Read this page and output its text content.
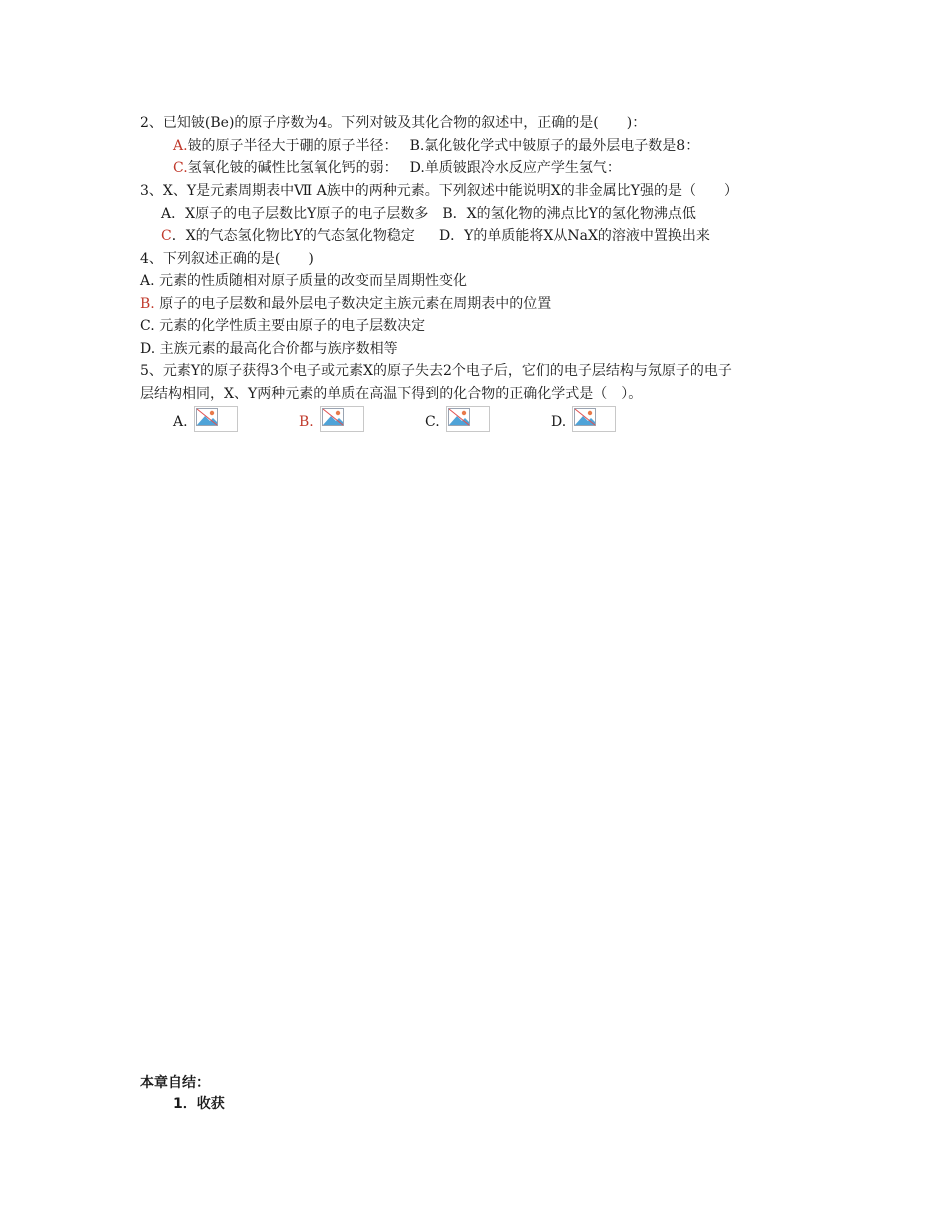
2、已知铍(Be)的原子序数为4。下列对铍及其化合物的叙述中，正确的是(　　)：
A.铍的原子半径大于硼的原子半径： B.氯化铍化学式中铍原子的最外层电子数是8：
C.氢氧化铍的碱性比氢氧化钙的弱： D.单质铍跟冷水反应产学生氢气：
3、X、Y是元素周期表中Ⅶ A族中的两种元素。下列叙述中能说明X的非金属比Y强的是（　　）
A．X原子的电子层数比Y原子的电子层数多 B．X的氢化物的沸点比Y的氢化物沸点低
C．X的气态氢化物比Y的气态氢化物稳定 D．Y的单质能将X从NaX的溶液中置换出来
4、下列叙述正确的是(　　)
A. 元素的性质随相对原子质量的改变而呈周期性变化
B. 原子的电子层数和最外层电子数决定主族元素在周期表中的位置
C. 元素的化学性质主要由原子的电子层数决定
D. 主族元素的最高化合价都与族序数相等
5、元素Y的原子获得3个电子或元素X的原子失去2个电子后，它们的电子层结构与氖原子的电子
层结构相同，X、Y两种元素的单质在高温下得到的化合物的正确化学式是（　）。
A.	B.	C.	D.
本章自结：
1．收获
